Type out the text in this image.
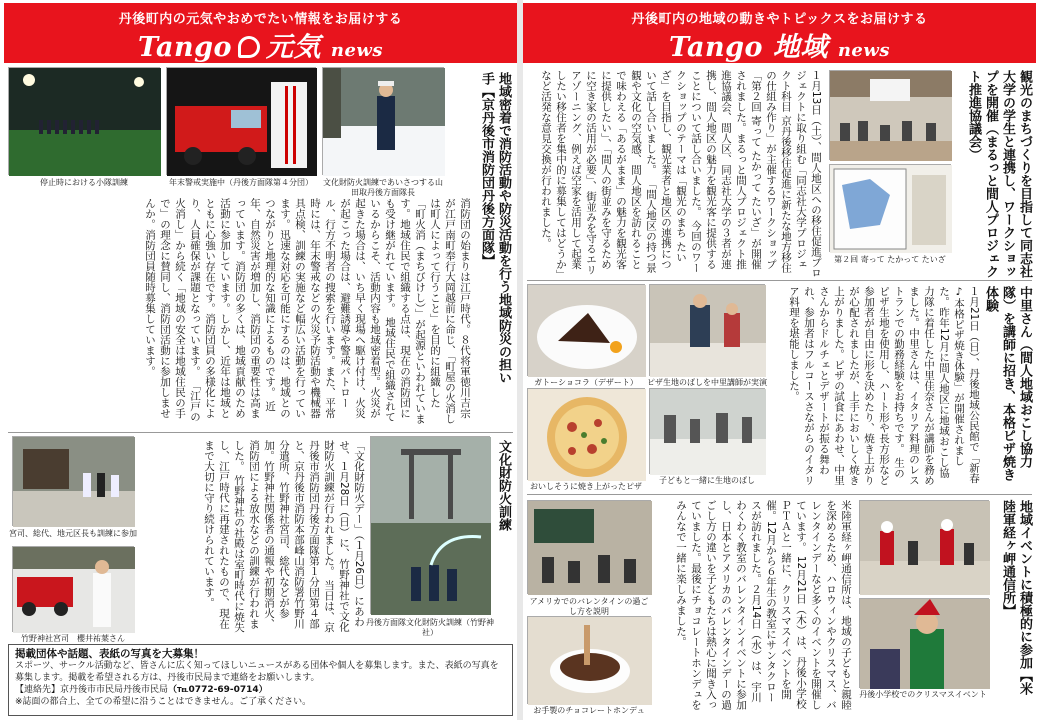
丹後町内の元気やおめでたい情報をお届けする
Tango 元気 news
停止時における小隊訓練	年末警戒実施中（丹後方面隊第４分団）	文化財防火訓練であいさつする山田取丹後方面隊長	地域密着で消防活動や防災活動を行う地域防災の担い手【京丹後市消防団丹後方面隊】
消防団の始まりは江戸時代。８代将軍徳川吉宗が江戸南町奉行大岡越前に命じ、「町屋の火消しは町人によって行うこと」を目的に組織した「町火消（まちびけし）」が起源といわれています。地域住民で組織する点は、現在の消防団にも受け継がれています。 地域住民で組織されているからこそ、活動内容も地域密着型。火災が起きた場合は、いち早く現場へ駆け付け、火災が起こった場合は、避難誘導や警戒パトロール、行方不明者の捜索を行います。また、平常時には、年末警戒などの火災予防活動や機械器具点検、訓練の実施など幅広い活動を行っています。迅速な対応を可能にするのは、地域とのつながりと地理的な知識によるものです。 近年、自然災害が増加し、消防団の重要性は高まっています。消防団の多くは、地域貢献のため活動に参加しています。しかし、近年は地域とともに心強い存在です。消防団員の多様化により、人員確保が課題となっています。 「江戸の火消し」から続く「地域の安全は地域住民の手で」の理念に賛同し、消防団活動に参加しませんか。消防団員随時募集しています。
宮司、総代、地元区長も訓練に参加
竹野神社宮司　櫻井祐葉さん
丹後方面隊文化財防火訓練（竹野神社）
文化財防火訓練
「文化財防火デー」（１月26日）にあわせ、１月28日（日）に、竹野神社で文化財防火訓練が行われました。 当日は、京丹後市消防団丹後方面隊第１分団第４部と、京丹後市消防本部峰山消防署竹野川分遣所、竹野神社宮司、総代などが参加。竹野神社関係者の通報や初期消火、消防団による放水などの訓練が行われました。 竹野神社の社殿は室町時代に焼失し、江戸時代に再建されたもので、現在まで大切に守り続けられています。
掲載団体や話題、表紙の写真を大募集！
スポーツ、サークル活動など、皆さんに広く知ってほしいニュースがある団体や個人を募集します。また、表紙の写真を募集します。掲載を希望される方は、丹後市民局まで連絡をお願いします。
【連絡先】京丹後市市民局丹後市民局（℡0772-69-0714）
※誌面の都合上、全ての希望に沿うことはできません。ご了承ください。
丹後町内の地域の動きやトピックスをお届けする
Tango 地域 news
観光のまちづくりを目指して同志社大学の学生と連携し、ワークショップを開催（まるっと間人プロジェクト推進協議会）
１月13日（土）、間人地区への移住促進プロジェクトに取り組む「同志社大学プロジェクト科目 京丹後移住促進に新たな地方移住の仕組み作り」が主催するワークショップ「第２回 寄って たかって たいざ」が開催されました。まるっと間人プロジェクト推進協議会、間人区、同志社大学の３者が連携し、間人地区の魅力を観光客に提供することについて話し合いました。 今回のワークショップのテーマは「観光のまち たいざ」を目指し、観光業者と地区の連携について話し合いました。 「間人地区の持つ景観や文化の空気感、間人地区を訪れることで味わえる「あるがまま」の魅力を観光客に提供したい」、「間人の街並みを守るために空き家の活用が必要」、街並みを守るエリアゾーニング、例えば空家を活用して起業したい移住者を集中的に募集してはどうか」など活発な意見交換が行われました。
第２回 寄って たかって たいざ
中里さん（間人地域おこし協力隊）を講師に招き、本格ピザ焼き体験
１月21日（日）、丹後地域公民館で「新春♪本格ピザ焼き体験」が開催されました。昨年12月に間人地区に地域おこし協力隊に着任した中里佳奈さんが講師を務めました。中里さんは、イタリア料理のレストランでの勤務経験をお持ちです。 生のピザ生地を使用し、ハート形や長方形など参加者が自由に形を決めたり、焼き上がりが心配されましたが、上手においしく焼き上がりました。ピザの試食にあわせ、中里さんからドルチェとデザートが振る舞われ、参加者はフルコースさながらのイタリア料理を堪能しました。
ガトーショコラ（デザート）	ピザ生地のばしを中里講師が実演
おいしそうに焼き上がったピザ
子どもと一緒に生地のばし
地域イベントに積極的に参加【米陸軍経ヶ岬通信所】
米陸軍経ヶ岬通信所は、地域の子どもと親睦を深めるため、ハロウィンやクリスマス、バレンタインデーなど多くのイベントを開催しています。 12月21日（木）は、丹後小学校ＰＴＡと一緒に、クリスマスイベントを開催。12月から６年生の教室にサンタクロースが訪れました。２月14日（水）は、宇川わくわく教室のバレンタインイベントに参加し、日本とアメリカのバレンタインデーの過ごし方の違いを子どもたちは熱心に聞き入っていました。最後にチョコレートホンデュをみんなで一緒に楽しみました。
アメリカでのバレンタインの過ごし方を説明
お手製のチョコレートホンデュ
丹後小学校でのクリスマスイベント
